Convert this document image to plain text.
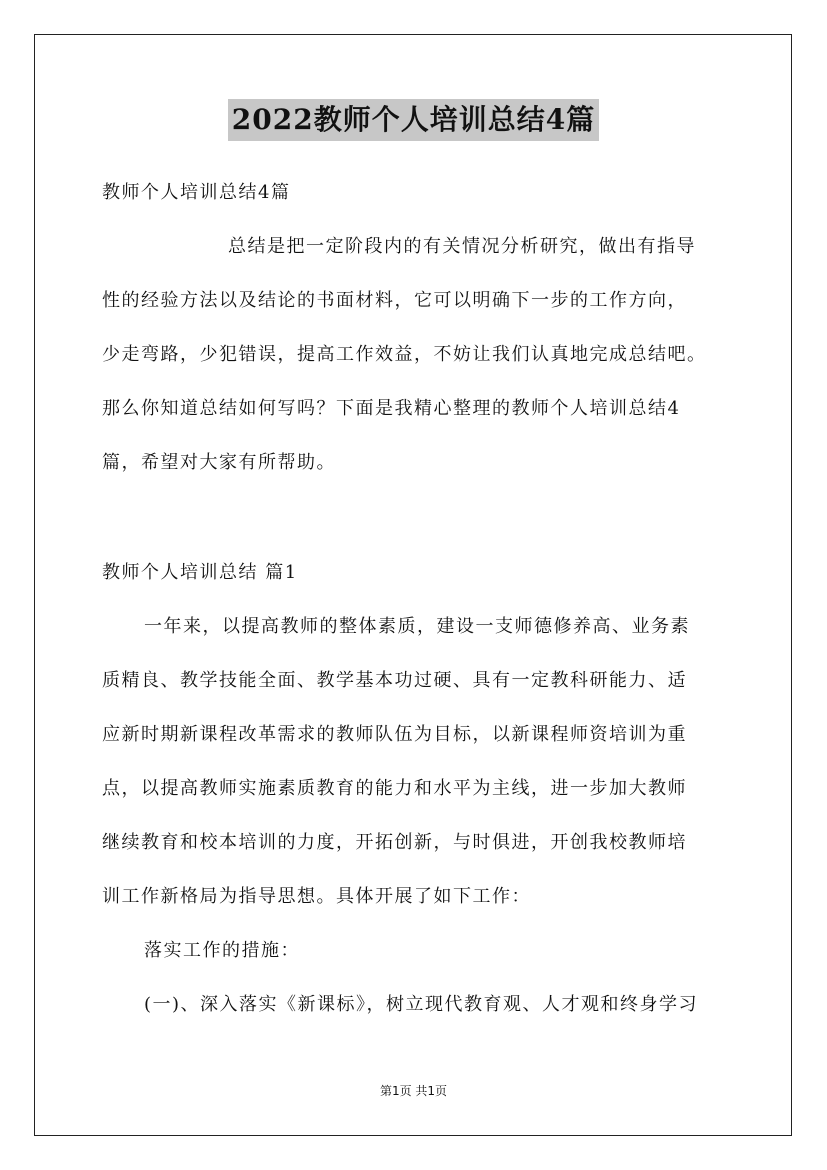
2022教师个人培训总结4篇
教师个人培训总结4篇
总结是把一定阶段内的有关情况分析研究，做出有指导
性的经验方法以及结论的书面材料，它可以明确下一步的工作方向，
少走弯路，少犯错误，提高工作效益，不妨让我们认真地完成总结吧。
那么你知道总结如何写吗？下面是我精心整理的教师个人培训总结4
篇，希望对大家有所帮助。
教师个人培训总结 篇1
一年来，以提高教师的整体素质，建设一支师德修养高、业务素
质精良、教学技能全面、教学基本功过硬、具有一定教科研能力、适
应新时期新课程改革需求的教师队伍为目标，以新课程师资培训为重
点，以提高教师实施素质教育的能力和水平为主线，进一步加大教师
继续教育和校本培训的力度，开拓创新，与时俱进，开创我校教师培
训工作新格局为指导思想。具体开展了如下工作：
落实工作的措施：
(一)、深入落实《新课标》，树立现代教育观、人才观和终身学习
第1页 共1页
